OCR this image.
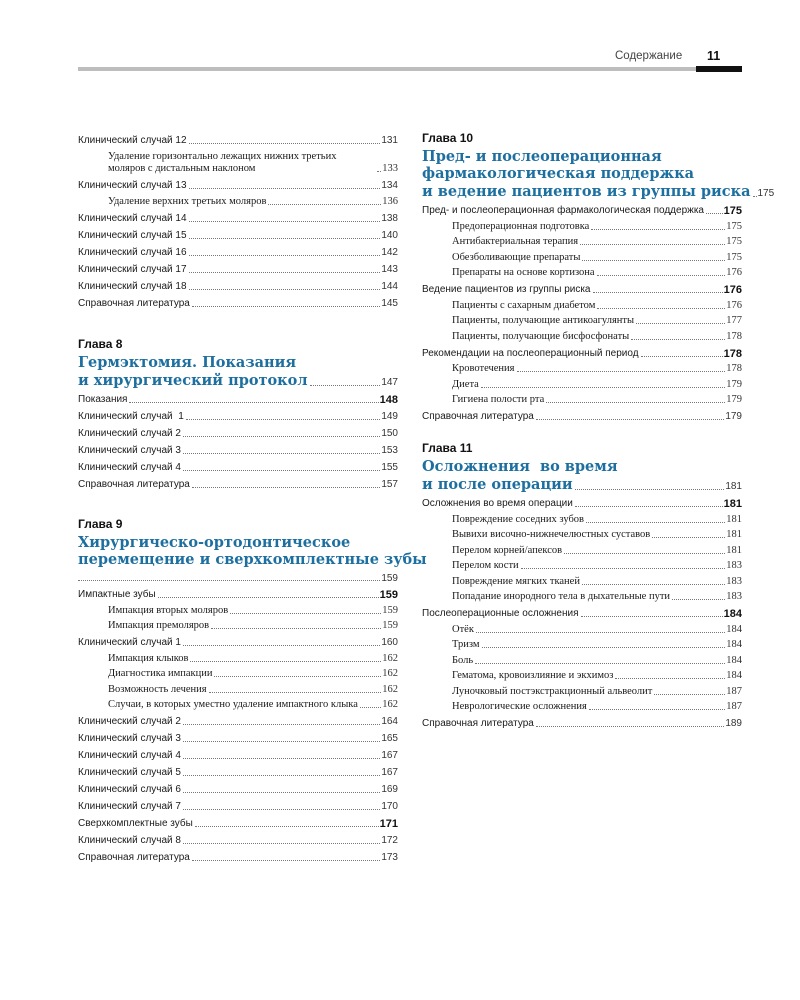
Содержание 11
Клинический случай 12	131
Удаление горизонтально лежащих нижних третьих моляров с дистальным наклоном	133
Клинический случай 13	134
Удаление верхних третьих моляров	136
Клинический случай 14	138
Клинический случай 15	140
Клинический случай 16	142
Клинический случай 17	143
Клинический случай 18	144
Справочная литература	145
Глава 8
Гермэктомия. Показания
и хирургический протокол	147
Показания	148
Клинический случай  1	149
Клинический случай 2	150
Клинический случай 3	153
Клинический случай 4	155
Справочная литература	157
Глава 9
Хирургическо-ортодонтическое
перемещение и сверхкомплектные зубы
159
Импактные зубы	159
Импакция вторых моляров	159
Импакция премоляров	159
Клинический случай 1	160
Импакция клыков	162
Диагностика импакции	162
Возможность лечения	162
Случаи, в которых уместно удаление импактного клыка 162
Клинический случай 2	164
Клинический случай 3	165
Клинический случай 4	167
Клинический случай 5	167
Клинический случай 6	169
Клинический случай 7	170
Сверхкомплектные зубы	171
Клинический случай 8	172
Справочная литература	173
Глава 10
Пред- и послеоперационная
фармакологическая поддержка
и ведение пациентов из группы риска 175
Пред- и послеоперационная фармакологическая поддержка 175
Предоперационная подготовка	175
Антибактериальная терапия	175
Обезболивающие препараты	175
Препараты на основе кортизона	176
Ведение пациентов из группы риска	176
Пациенты с сахарным диабетом	176
Пациенты, получающие антикоагулянты	177
Пациенты, получающие бисфосфонаты	178
Рекомендации на послеоперационный период	178
Кровотечения	178
Диета	179
Гигиена полости рта	179
Справочная литература	179
Глава 11
Осложнения  во время
и после операции	181
Осложнения во время операции	181
Повреждение соседних зубов	181
Вывихи височно-нижнечелюстных суставов	181
Перелом корней/апексов	181
Перелом кости	183
Повреждение мягких тканей	183
Попадание инородного тела в дыхательные пути	183
Послеоперационные осложнения	184
Отёк	184
Тризм	184
Боль	184
Гематома, кровоизлияние и экхимоз	184
Луночковый постэкстракционный альвеолит	187
Неврологические осложнения	187
Справочная литература	189
